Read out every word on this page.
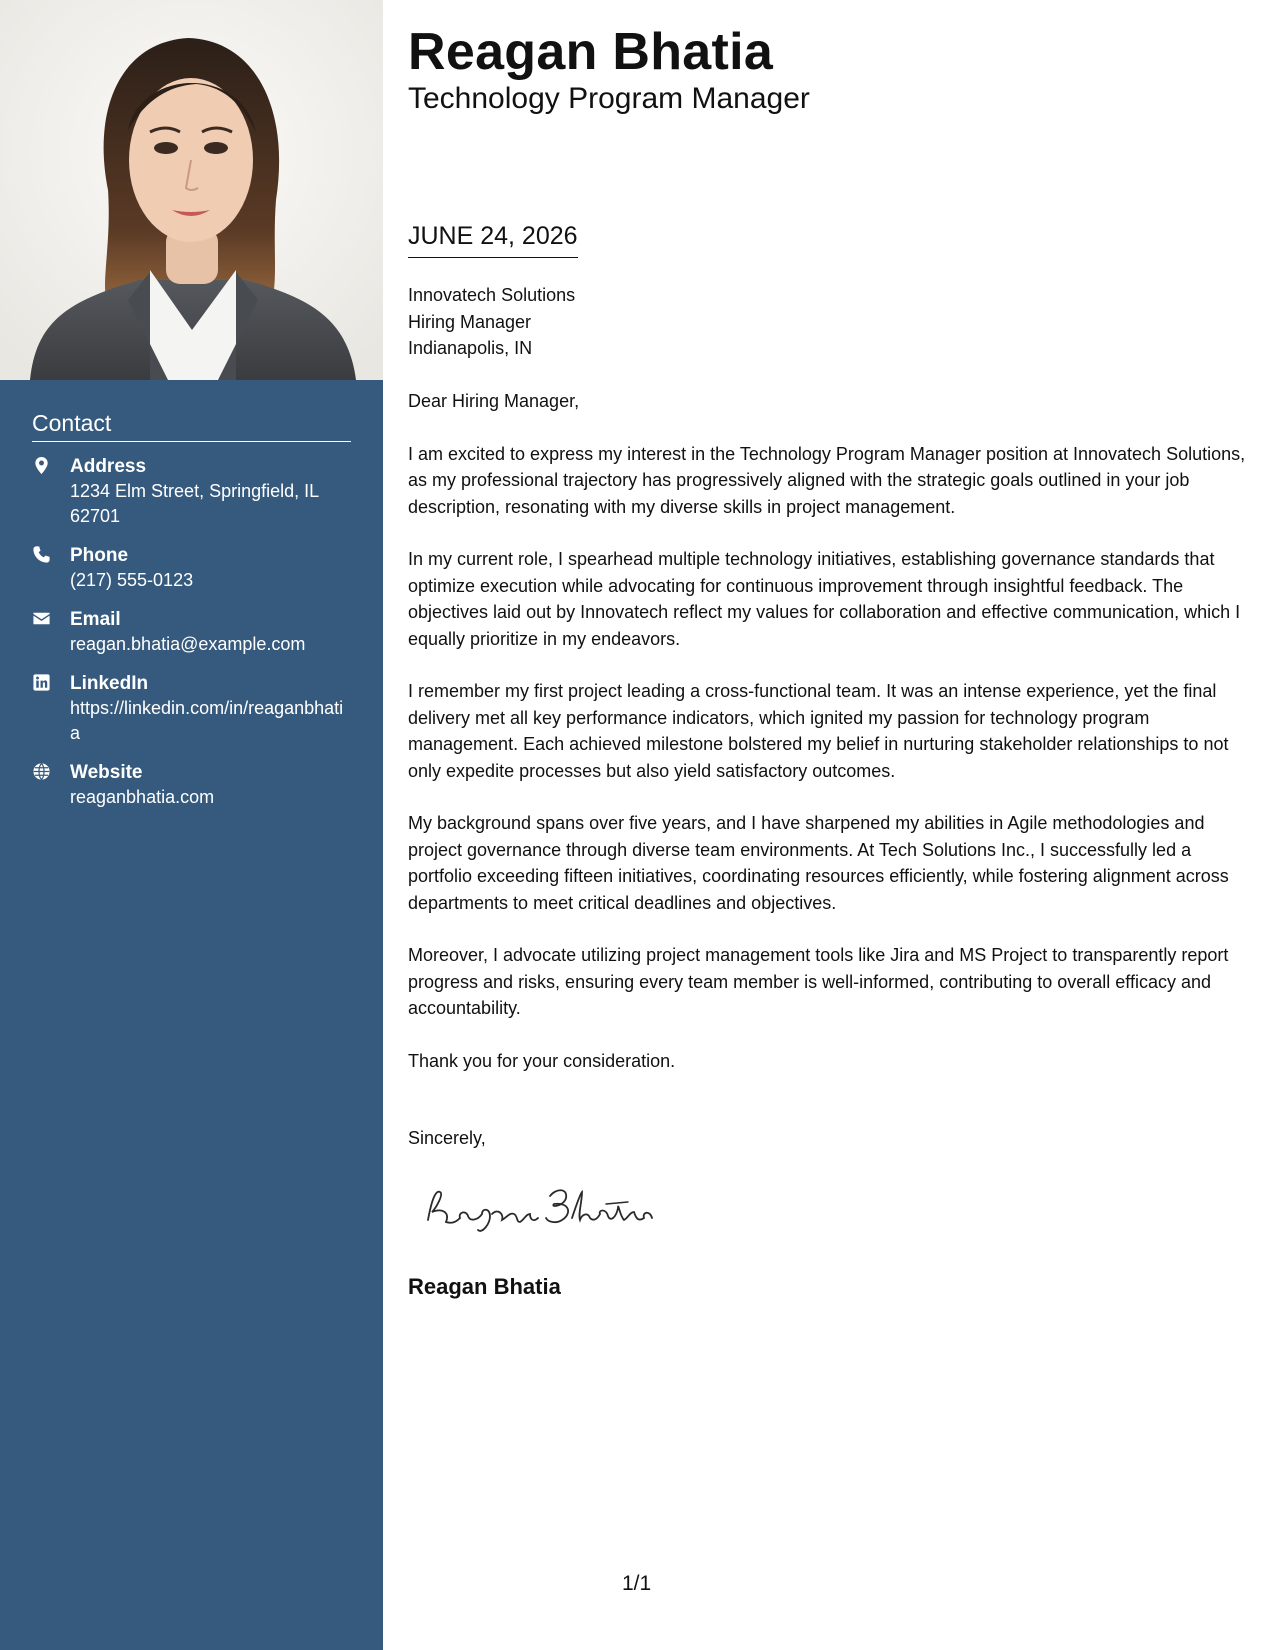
Contact
Address
1234 Elm Street, Springfield, IL 62701
Phone
(217) 555-0123
Email
reagan.bhatia@example.com
LinkedIn
https://linkedin.com/in/reaganbhatia
Website
reaganbhatia.com
Reagan Bhatia
Technology Program Manager
JUNE 24, 2026
Innovatech Solutions
Hiring Manager
Indianapolis, IN

Dear Hiring Manager,

I am excited to express my interest in the Technology Program Manager position at Innovatech Solutions, as my professional trajectory has progressively aligned with the strategic goals outlined in your job description, resonating with my diverse skills in project management.

In my current role, I spearhead multiple technology initiatives, establishing governance standards that optimize execution while advocating for continuous improvement through insightful feedback. The objectives laid out by Innovatech reflect my values for collaboration and effective communication, which I equally prioritize in my endeavors.

I remember my first project leading a cross-functional team. It was an intense experience, yet the final delivery met all key performance indicators, which ignited my passion for technology program management. Each achieved milestone bolstered my belief in nurturing stakeholder relationships to not only expedite processes but also yield satisfactory outcomes.

My background spans over five years, and I have sharpened my abilities in Agile methodologies and project governance through diverse team environments. At Tech Solutions Inc., I successfully led a portfolio exceeding fifteen initiatives, coordinating resources efficiently, while fostering alignment across departments to meet critical deadlines and objectives.

Moreover, I advocate utilizing project management tools like Jira and MS Project to transparently report progress and risks, ensuring every team member is well-informed, contributing to overall efficacy and accountability.

Thank you for your consideration.

Sincerely,
Reagan Bhatia
1/1
